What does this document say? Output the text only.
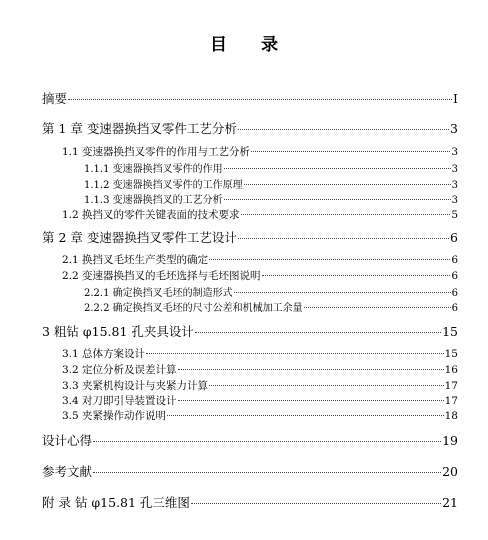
目 录
摘要	I
第 1 章 变速器换挡叉零件工艺分析	3
1.1 变速器换挡叉零件的作用与工艺分析	3
1.1.1 变速器换挡叉零件的作用	3
1.1.2 变速器换挡叉零件的工作原理	3
1.1.3 变速器换挡叉的工艺分析	3
1.2 换挡叉的零件关键表面的技术要求	5
第 2 章 变速器换挡叉零件工艺设计	6
2.1 换挡叉毛坯生产类型的确定	6
2.2 变速器换挡叉的毛坯选择与毛坯图说明	6
2.2.1 确定换挡叉毛坯的制造形式	6
2.2.2 确定换挡叉毛坯的尺寸公差和机械加工余量	6
3 粗钻 φ15.81 孔夹具设计	15
3.1 总体方案设计	15
3.2 定位分析及误差计算	16
3.3 夹紧机构设计与夹紧力计算	17
3.4 对刀即引导装置设计	17
3.5 夹紧操作动作说明	18
设计心得	19
参考文献	20
附 录 钻 φ15.81 孔三维图	21
